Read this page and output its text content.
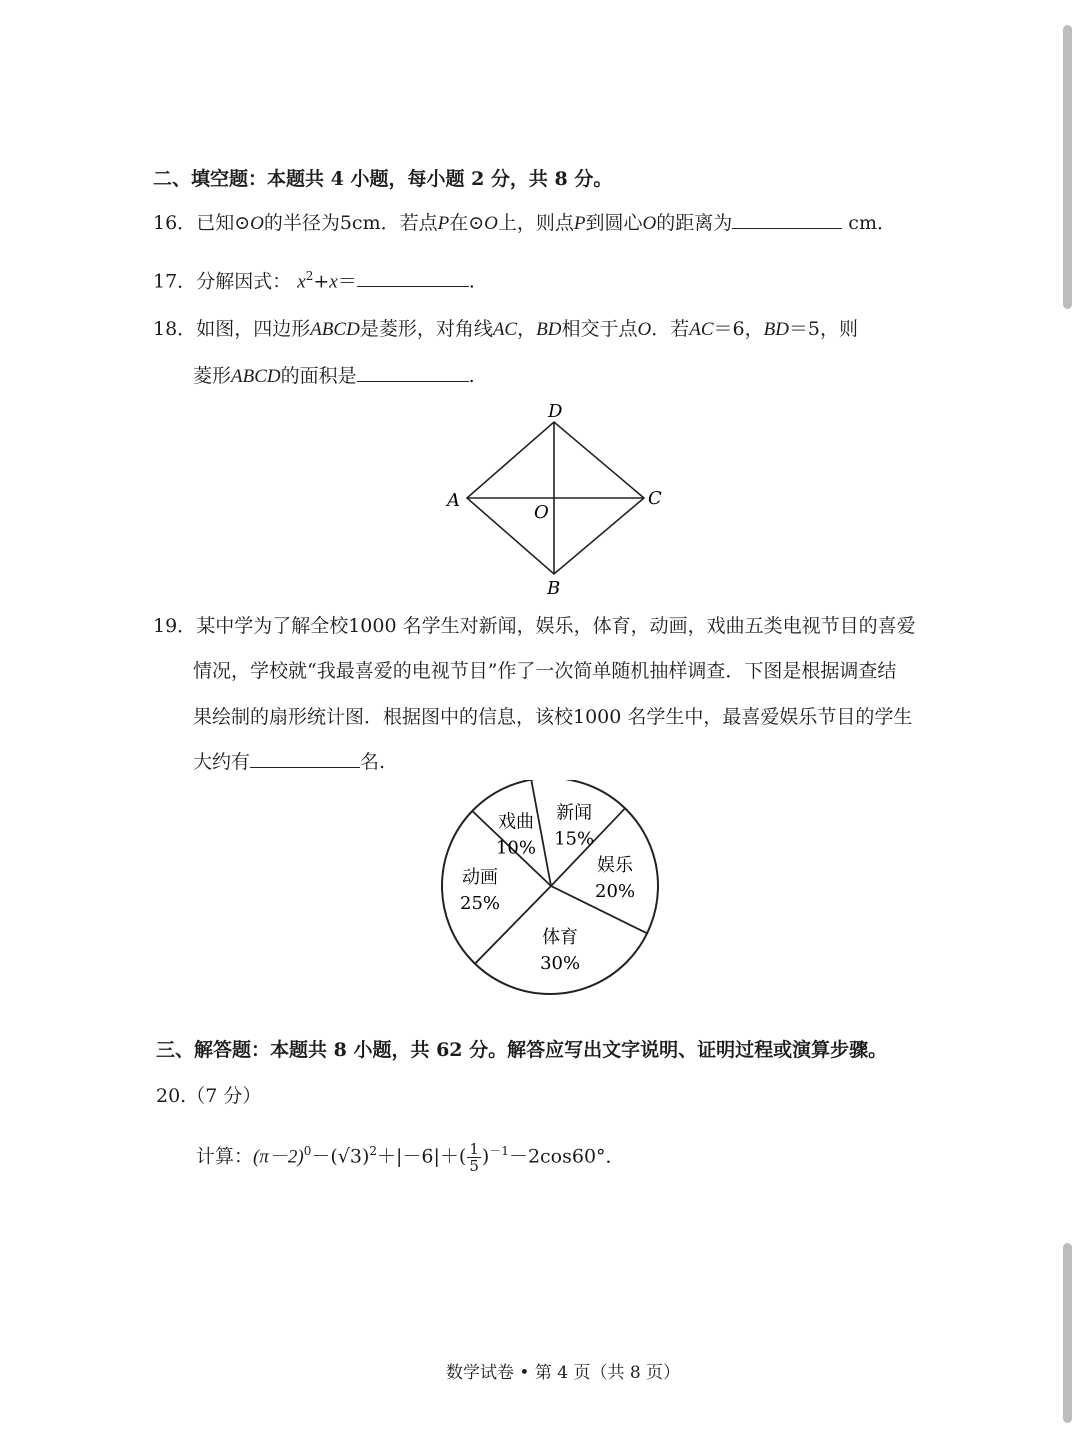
二、填空题：本题共 4 小题，每小题 2 分，共 8 分。
16．已知⊙O的半径为5cm．若点P在⊙O上，则点P到圆心O的距离为	cm．
17．分解因式： $x^2+x=$	.
18．如图，四边形ABCD是菱形，对角线AC，BD相交于点O．若AC＝6，BD＝5，则
菱形ABCD的面积是	.
D
A	C
O
B
19．某中学为了解全校1000 名学生对新闻，娱乐，体育，动画，戏曲五类电视节目的喜爱
情况，学校就“我最喜爱的电视节目”作了一次简单随机抽样调查．下图是根据调查结
果绘制的扇形统计图．根据图中的信息，该校1000 名学生中，最喜爱娱乐节目的学生
大约有	名.
新闻
15%
娱乐
20%
体育
30%
动画
25%
戏曲
10%
三、解答题：本题共 8 小题，共 62 分。解答应写出文字说明、证明过程或演算步骤。
20.（7 分）
计算：$(\pi-2)^0-(√3)^2+|-6|+( \frac{1}{5} )^{-1}-2\cos 60^\circ$．
数学试卷 • 第 4 页（共 8 页）
